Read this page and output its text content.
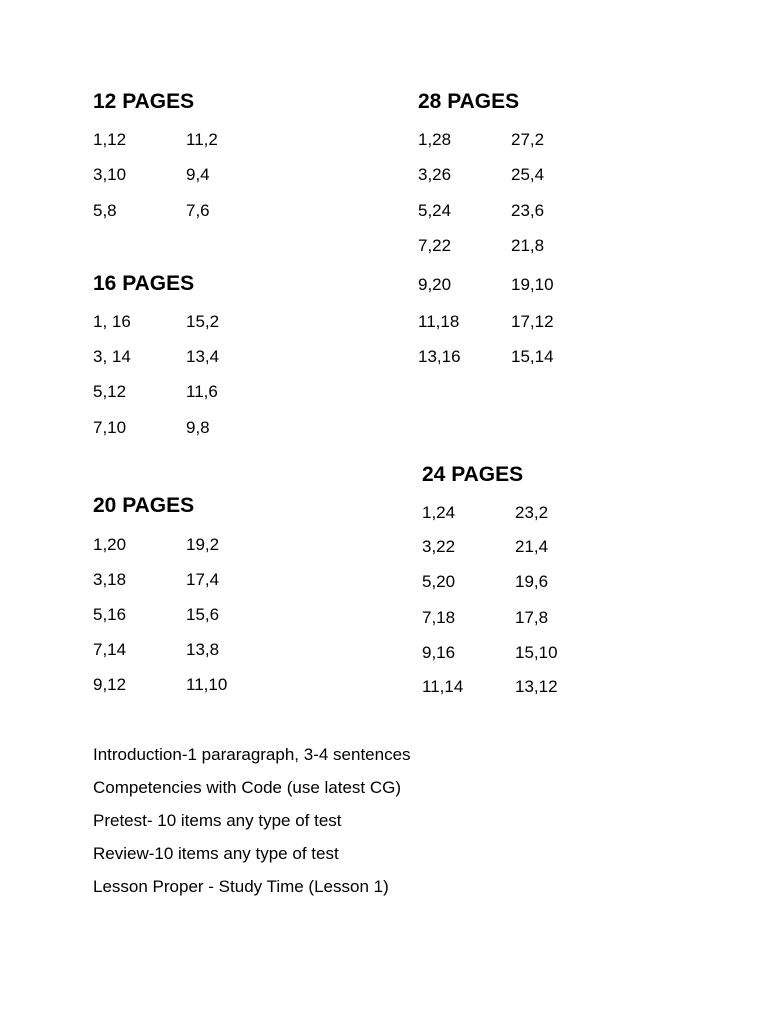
12 PAGES
1,12	11,2
3,10	9,4
5,8	7,6
28 PAGES
1,28	27,2
3,26	25,4
5,24	23,6
7,22	21,8
9,20	19,10
11,18	17,12
13,16	15,14
16 PAGES
1, 16	15,2
3, 14	13,4
5,12	11,6
7,10	9,8
24 PAGES
1,24	23,2
3,22	21,4
5,20	19,6
7,18	17,8
9,16	15,10
11,14	13,12
20 PAGES
1,20	19,2
3,18	17,4
5,16	15,6
7,14	13,8
9,12	11,10

Introduction-1 pararagraph, 3-4 sentences

Competencies with Code (use latest CG)

Pretest- 10 items any type of test

Review-10 items any type of test

Lesson Proper - Study Time (Lesson 1)
